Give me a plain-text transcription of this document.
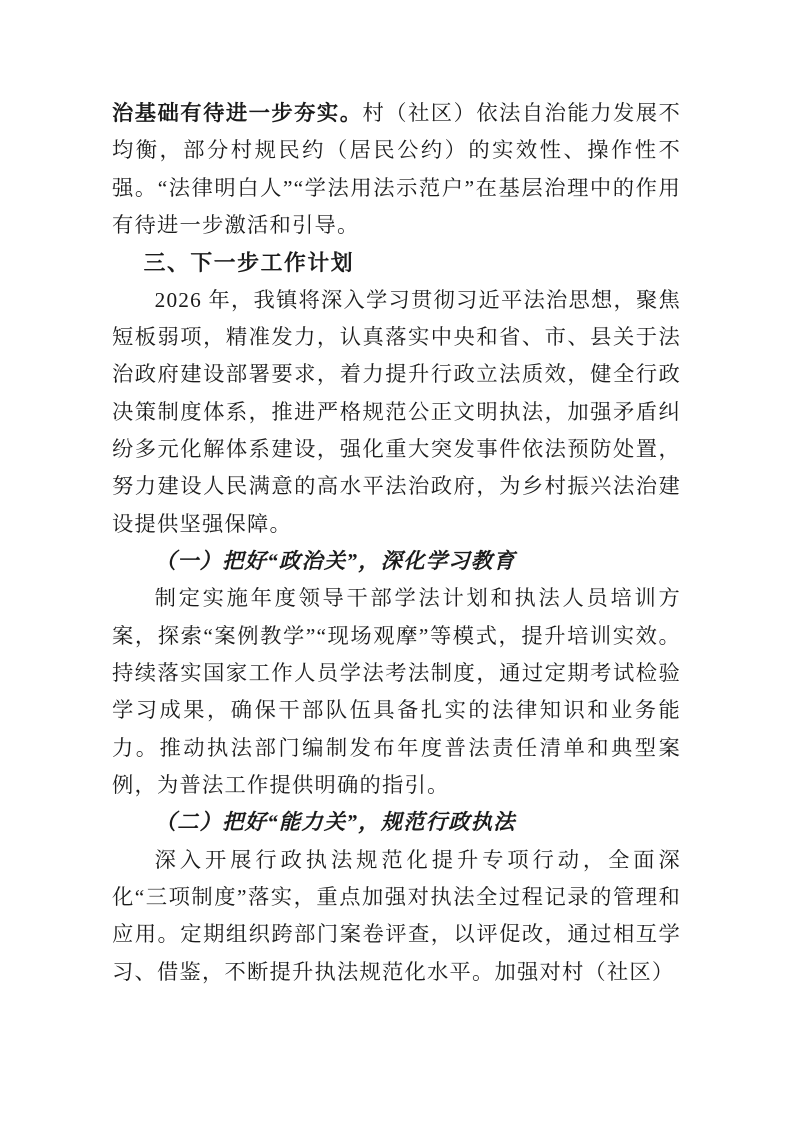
治基础有待进一步夯实。村（社区）依法自治能力发展不均衡，部分村规民约（居民公约）的实效性、操作性不强。“法律明白人”“学法用法示范户”在基层治理中的作用有待进一步激活和引导。

三、下一步工作计划

2026 年，我镇将深入学习贯彻习近平法治思想，聚焦短板弱项，精准发力，认真落实中央和省、市、县关于法治政府建设部署要求，着力提升行政立法质效，健全行政决策制度体系，推进严格规范公正文明执法，加强矛盾纠纷多元化解体系建设，强化重大突发事件依法预防处置，努力建设人民满意的高水平法治政府，为乡村振兴法治建设提供坚强保障。

（一）把好“政治关”，深化学习教育

制定实施年度领导干部学法计划和执法人员培训方案，探索“案例教学”“现场观摩”等模式，提升培训实效。持续落实国家工作人员学法考法制度，通过定期考试检验学习成果，确保干部队伍具备扎实的法律知识和业务能力。推动执法部门编制发布年度普法责任清单和典型案例，为普法工作提供明确的指引。

（二）把好“能力关”，规范行政执法

深入开展行政执法规范化提升专项行动，全面深化“三项制度”落实，重点加强对执法全过程记录的管理和应用。定期组织跨部门案卷评查，以评促改，通过相互学习、借鉴，不断提升执法规范化水平。加强对村（社区）
